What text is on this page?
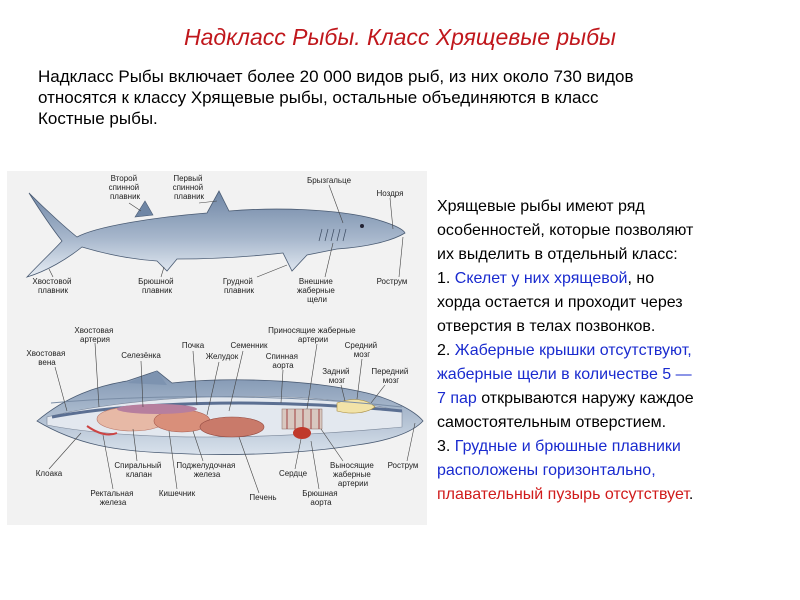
Надкласс Рыбы. Класс Хрящевые рыбы
Надкласс Рыбы включает более 20 000 видов рыб, из них около 730 видов
относятся к классу Хрящевые рыбы, остальные объединяются в класс
Костные рыбы.
Второй спинной плавник
Первый спинной плавник
Брызгальце
Ноздря
Хвостовой плавник
Брюшной плавник
Грудной плавник
Внешние жаберные щели
Рострум
Хвостовая артерия
Хвостовая вена
Селезёнка
Почка	Семенник
Желудок
Приносящие жаберные артерии
Спинная аорта
Средний мозг
Задний мозг
Передний мозг
Клоака
Спиральный клапан
Поджелудочная железа	Сердце
Выносящие жаберные артерии
Рострум
Ректальная железа
Кишечник	Печень	Брюшная аорта
Хрящевые рыбы имеют ряд
особенностей, которые позволяют
их выделить в отдельный класс:
1. Скелет у них хрящевой, но
хорда остается и проходит через
отверстия в телах позвонков.
2. Жаберные крышки отсутствуют,
жаберные щели в количестве 5 —
7 пар открываются наружу каждое
самостоятельным отверстием.
3. Грудные и брюшные плавники
расположены горизонтально,
плавательный пузырь отсутствует.
